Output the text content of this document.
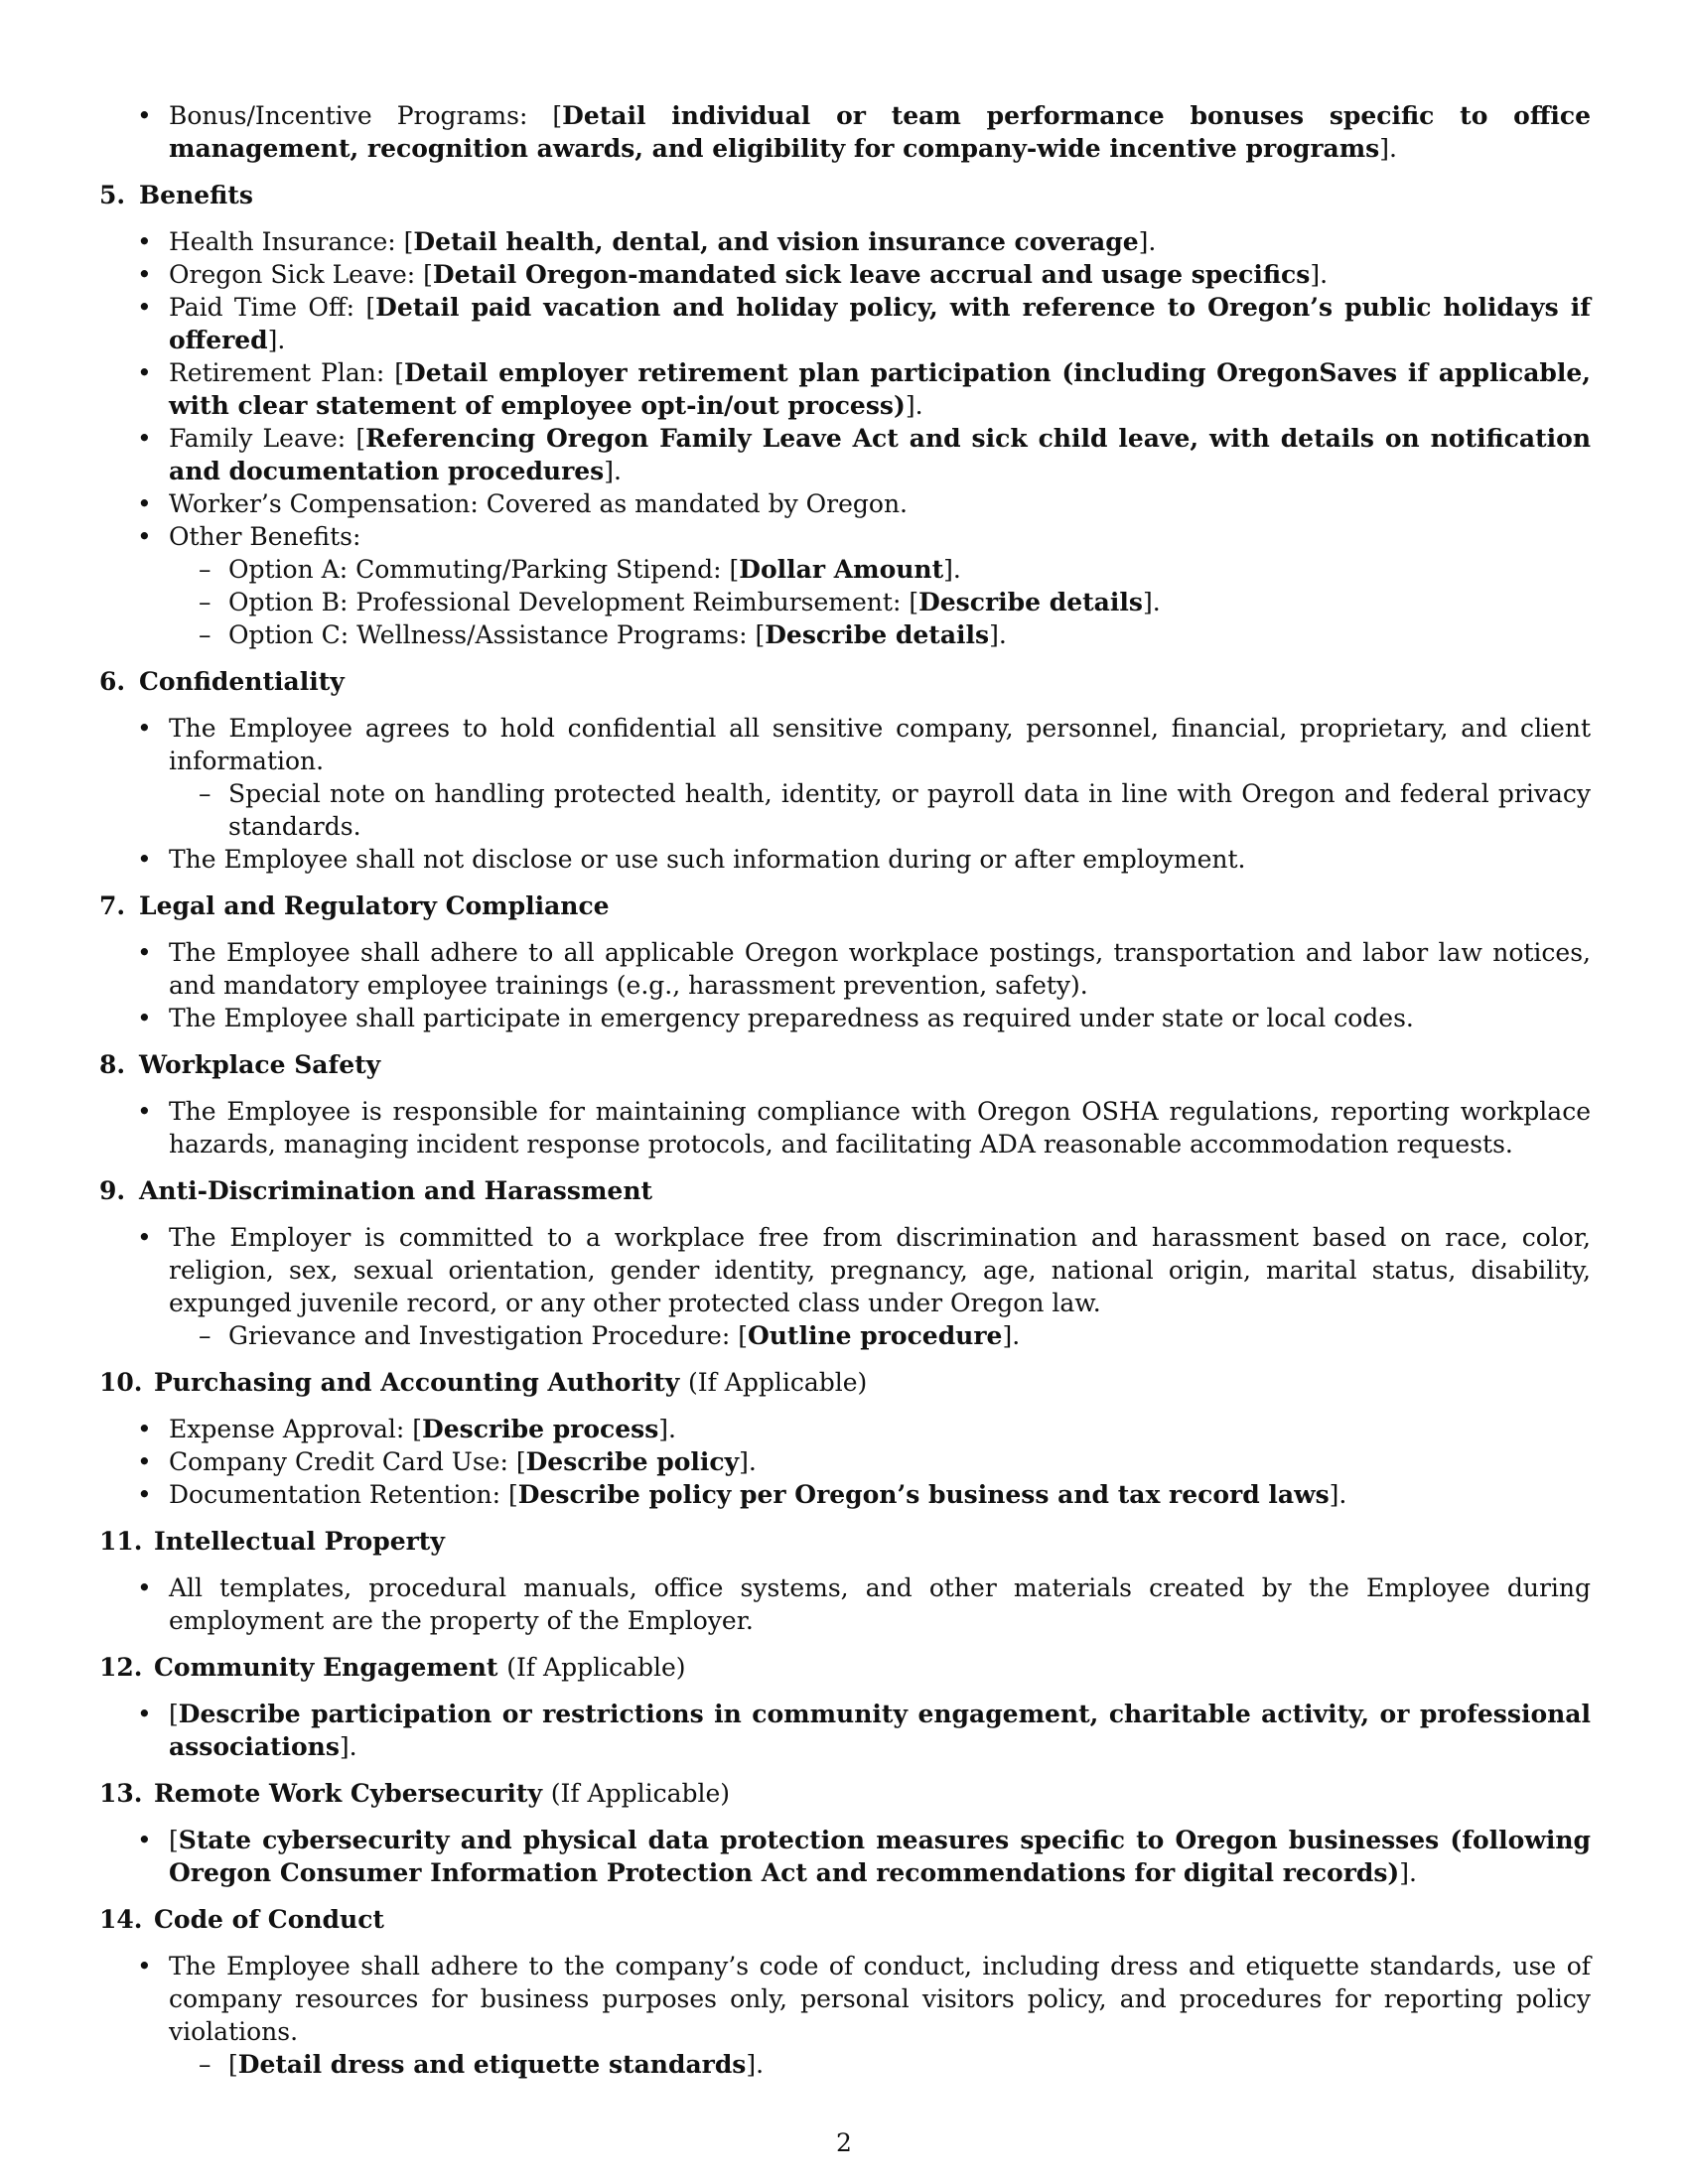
• Bonus/Incentive Programs: [Detail individual or team performance bonuses specific to office management, recognition awards, and eligibility for company-wide incentive programs].
5. Benefits
• Health Insurance: [Detail health, dental, and vision insurance coverage].
• Oregon Sick Leave: [Detail Oregon-mandated sick leave accrual and usage specifics].
• Paid Time Off: [Detail paid vacation and holiday policy, with reference to Oregon’s public holidays if offered].
• Retirement Plan: [Detail employer retirement plan participation (including OregonSaves if applicable, with clear statement of employee opt-in/out process)].
• Family Leave: [Referencing Oregon Family Leave Act and sick child leave, with details on notification and documentation procedures].
• Worker’s Compensation: Covered as mandated by Oregon.
• Other Benefits:
– Option A: Commuting/Parking Stipend: [Dollar Amount].
– Option B: Professional Development Reimbursement: [Describe details].
– Option C: Wellness/Assistance Programs: [Describe details].
6. Confidentiality
• The Employee agrees to hold confidential all sensitive company, personnel, financial, proprietary, and client information.
– Special note on handling protected health, identity, or payroll data in line with Oregon and federal privacy standards.
• The Employee shall not disclose or use such information during or after employment.
7. Legal and Regulatory Compliance
• The Employee shall adhere to all applicable Oregon workplace postings, transportation and labor law notices, and mandatory employee trainings (e.g., harassment prevention, safety).
• The Employee shall participate in emergency preparedness as required under state or local codes.
8. Workplace Safety
• The Employee is responsible for maintaining compliance with Oregon OSHA regulations, reporting workplace hazards, managing incident response protocols, and facilitating ADA reasonable accommodation requests.
9. Anti-Discrimination and Harassment
• The Employer is committed to a workplace free from discrimination and harassment based on race, color, religion, sex, sexual orientation, gender identity, pregnancy, age, national origin, marital status, disability, expunged juvenile record, or any other protected class under Oregon law.
– Grievance and Investigation Procedure: [Outline procedure].
10. Purchasing and Accounting Authority (If Applicable)
• Expense Approval: [Describe process].
• Company Credit Card Use: [Describe policy].
• Documentation Retention: [Describe policy per Oregon’s business and tax record laws].
11. Intellectual Property
• All templates, procedural manuals, office systems, and other materials created by the Employee during employment are the property of the Employer.
12. Community Engagement (If Applicable)
• [Describe participation or restrictions in community engagement, charitable activity, or professional associations].
13. Remote Work Cybersecurity (If Applicable)
• [State cybersecurity and physical data protection measures specific to Oregon businesses (following Oregon Consumer Information Protection Act and recommendations for digital records)].
14. Code of Conduct
• The Employee shall adhere to the company’s code of conduct, including dress and etiquette standards, use of company resources for business purposes only, personal visitors policy, and procedures for reporting policy violations.
– [Detail dress and etiquette standards].
2
